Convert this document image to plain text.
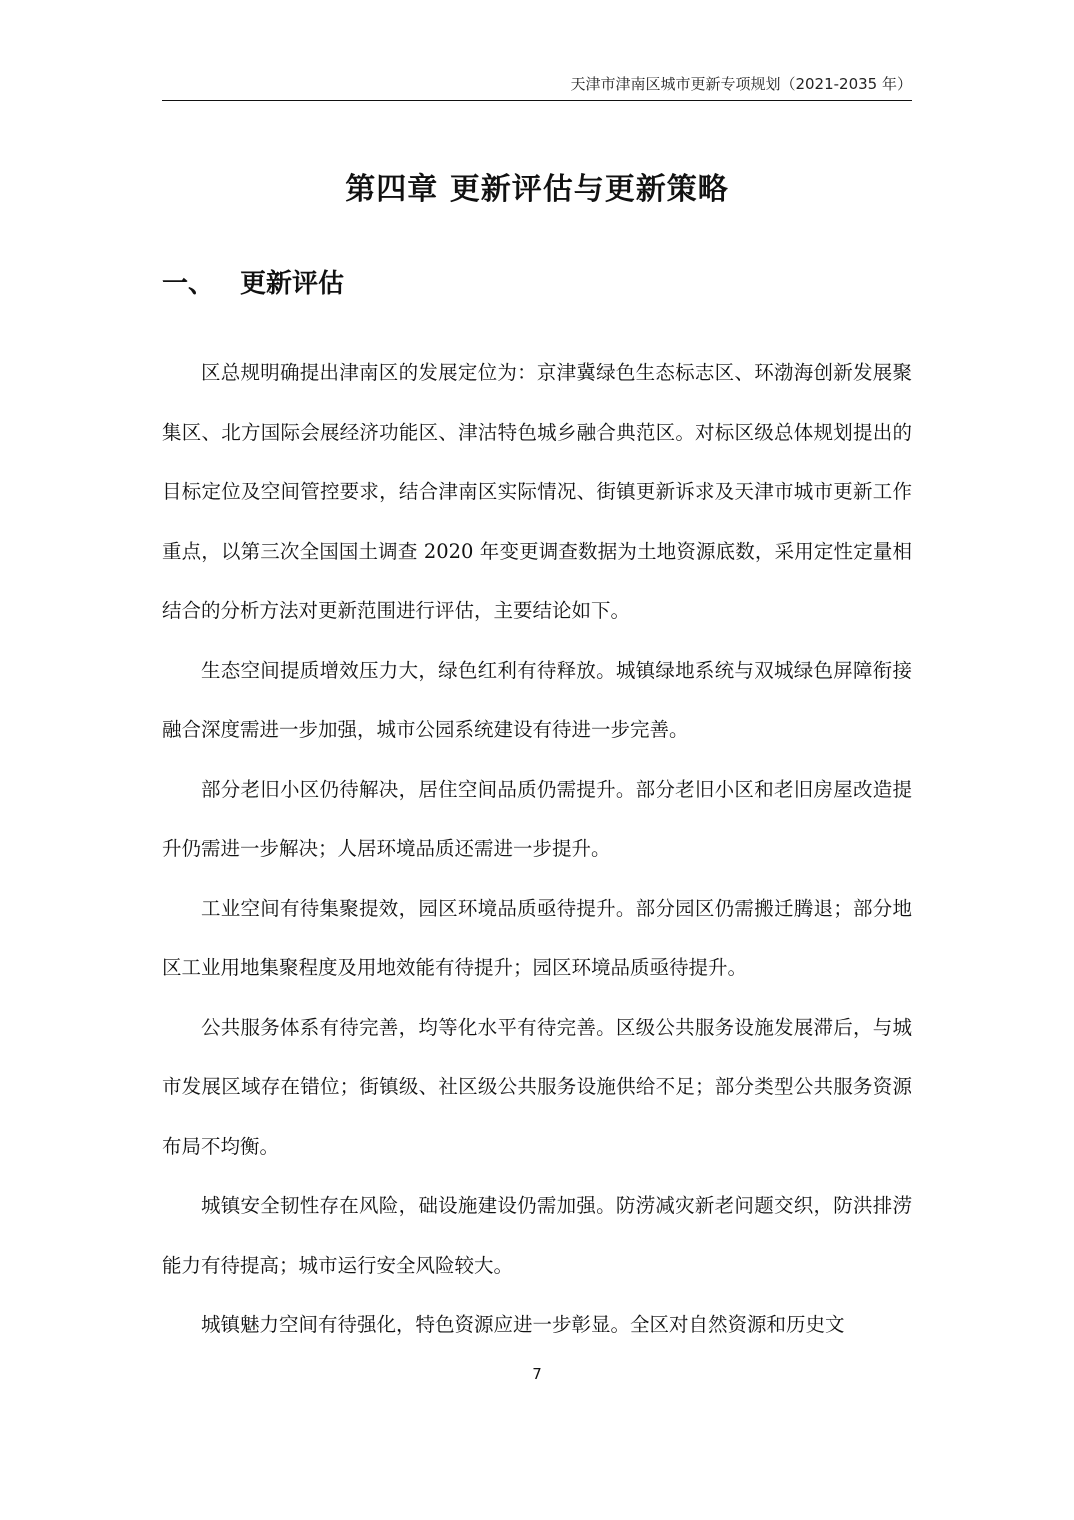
天津市津南区城市更新专项规划（2021-2035 年）
第四章 更新评估与更新策略
一、 更新评估

区总规明确提出津南区的发展定位为：京津冀绿色生态标志区、环渤海创新发展聚集区、北方国际会展经济功能区、津沽特色城乡融合典范区。对标区级总体规划提出的目标定位及空间管控要求，结合津南区实际情况、街镇更新诉求及天津市城市更新工作重点，以第三次全国国土调查 2020 年变更调查数据为土地资源底数，采用定性定量相结合的分析方法对更新范围进行评估，主要结论如下。

生态空间提质增效压力大，绿色红利有待释放。城镇绿地系统与双城绿色屏障衔接融合深度需进一步加强，城市公园系统建设有待进一步完善。

部分老旧小区仍待解决，居住空间品质仍需提升。部分老旧小区和老旧房屋改造提升仍需进一步解决；人居环境品质还需进一步提升。

工业空间有待集聚提效，园区环境品质亟待提升。部分园区仍需搬迁腾退；部分地区工业用地集聚程度及用地效能有待提升；园区环境品质亟待提升。

公共服务体系有待完善，均等化水平有待完善。区级公共服务设施发展滞后，与城市发展区域存在错位；街镇级、社区级公共服务设施供给不足；部分类型公共服务资源布局不均衡。

城镇安全韧性存在风险，础设施建设仍需加强。防涝减灾新老问题交织，防洪排涝能力有待提高；城市运行安全风险较大。

城镇魅力空间有待强化，特色资源应进一步彰显。全区对自然资源和历史文

7
